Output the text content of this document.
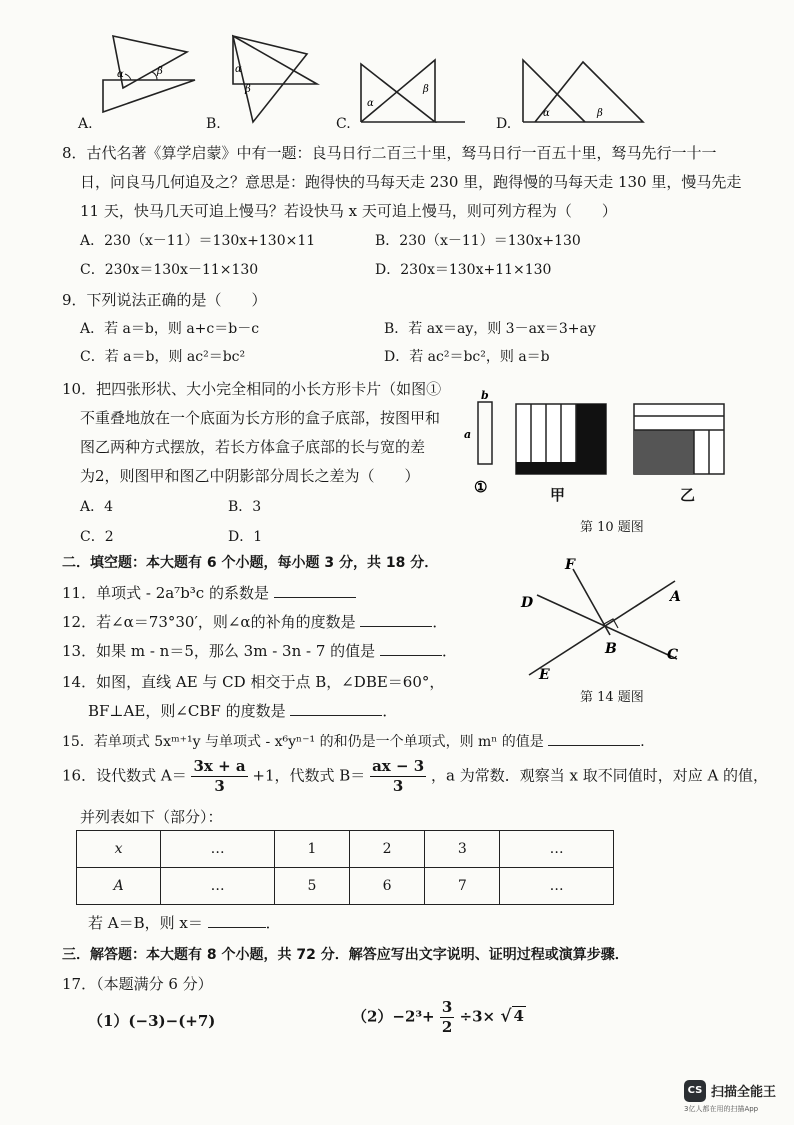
α	β
A.
α
β
B.
α
β
C.
α	β
D.
8．古代名著《算学启蒙》中有一题：良马日行二百三十里，驽马日行一百五十里，驽马先行一十一
日，问良马几何追及之？意思是：跑得快的马每天走 230 里，跑得慢的马每天走 130 里，慢马先走
11 天，快马几天可追上慢马？若设快马 x 天可追上慢马，则可列方程为（　　）
A．230（x－11）＝130x+130×11	B．230（x－11）＝130x+130
C．230x＝130x－11×130	D．230x＝130x+11×130
9．下列说法正确的是（　　）
A．若 a＝b，则 a+c＝b－c	B．若 ax＝ay，则 3－ax＝3+ay
C．若 a＝b，则 ac²＝bc²	D．若 ac²＝bc²，则 a＝b
10．把四张形状、大小完全相同的小长方形卡片（如图①
不重叠地放在一个底面为长方形的盒子底部，按图甲和
图乙两种方式摆放，若长方体盒子底部的长与宽的差
为2，则图甲和图乙中阴影部分周长之差为（　　）
A．4	B．3
C．2	D．1
b
a
①	甲	乙
第 10 题图
二．填空题：本大题有 6 个小题，每小题 3 分，共 18 分．
11．单项式 - 2a⁷b³c 的系数是
12．若∠α＝73°30′，则∠α的补角的度数是	．
13．如果 m - n＝5，那么 3m - 3n - 7 的值是	．
14．如图，直线 AE 与 CD 相交于点 B，∠DBE＝60°，
BF⊥AE，则∠CBF 的度数是	．
15．若单项式 5xᵐ⁺¹y 与单项式 - x⁶yⁿ⁻¹ 的和仍是一个单项式，则 mⁿ 的值是	．
F
D	A
B	C
E
第 14 题图
16．设代数式 $A= \frac{3x + a}{3} +1$，代数式 $B= \frac{ax - 3}{3}$ ，a 为常数．观察当 x 取不同值时，对应 A 的值，
并列表如下（部分）：
x	…	1	2	3	…
A	…	5	6	7	…
若 A＝B，则 x＝	．
三．解答题：本大题有 8 个小题，共 72 分．解答应写出文字说明、证明过程或演算步骤．
17．（本题满分 6 分）
（1）(−3)−(+7)	$(2)-2^3+ \frac{3}{2} \div 3\times$ √ 4
CS 扫描全能王
3亿人都在用的扫描App
